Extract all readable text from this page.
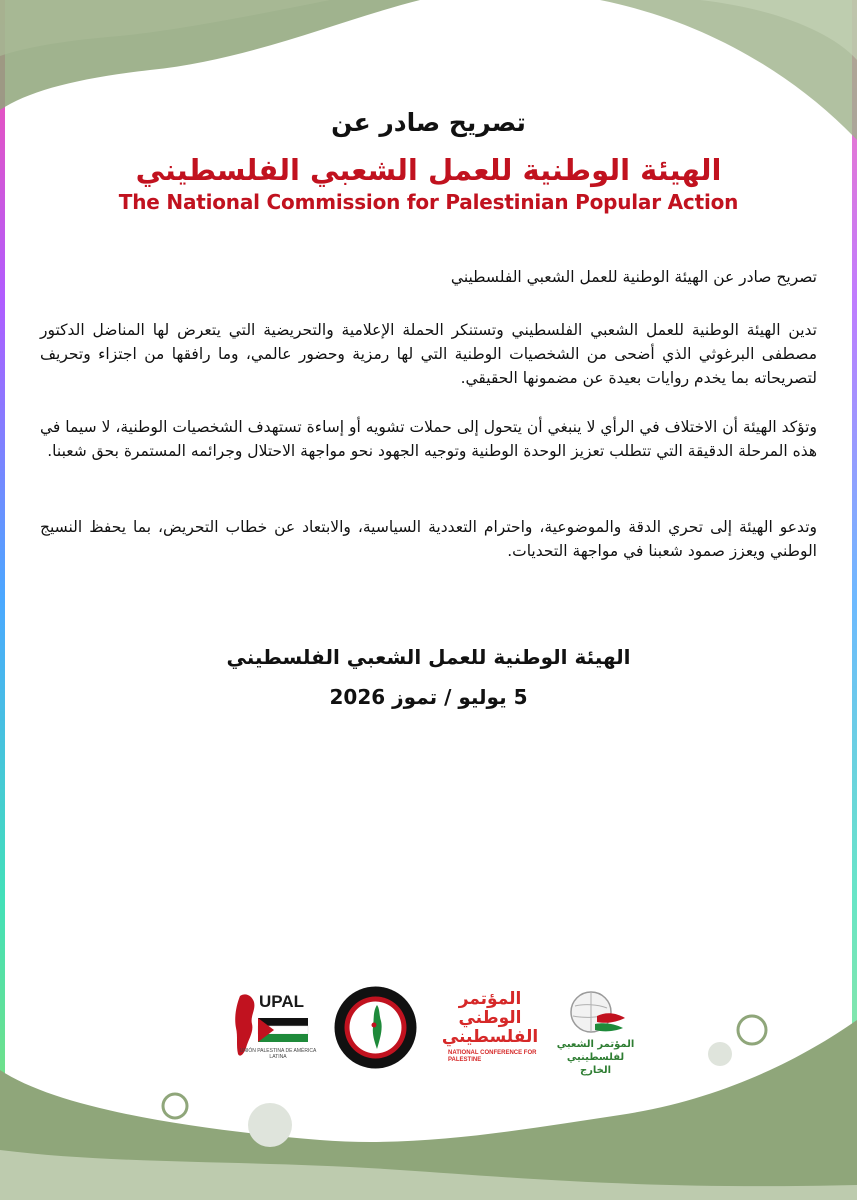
تصريح صادر عن
الهيئة الوطنية للعمل الشعبي الفلسطيني
The National Commission for Palestinian Popular Action
تصريح صادر عن الهيئة الوطنية للعمل الشعبي الفلسطيني
تدين الهيئة الوطنية للعمل الشعبي الفلسطيني وتستنكر الحملة الإعلامية والتحريضية التي يتعرض لها المناضل الدكتور مصطفى البرغوثي الذي أضحى من الشخصيات الوطنية التي لها رمزية وحضور عالمي، وما رافقها من اجتزاء وتحريف لتصريحاته بما يخدم روايات بعيدة عن مضمونها الحقيقي.
وتؤكد الهيئة أن الاختلاف في الرأي لا ينبغي أن يتحول إلى حملات تشويه أو إساءة تستهدف الشخصيات الوطنية، لا سيما في هذه المرحلة الدقيقة التي تتطلب تعزيز الوحدة الوطنية وتوجيه الجهود نحو مواجهة الاحتلال وجرائمه المستمرة بحق شعبنا.
وتدعو الهيئة إلى تحري الدقة والموضوعية، واحترام التعددية السياسية، والابتعاد عن خطاب التحريض، بما يحفظ النسيج الوطني ويعزز صمود شعبنا في مواجهة التحديات.
الهيئة الوطنية للعمل الشعبي الفلسطيني
5 يوليو / تموز 2026
UPAL
UNIÓN PALESTINA DE AMÉRICA LATINA
المؤتمر الوطني الفلسطيني
NATIONAL CONFERENCE FOR PALESTINE
المؤتمر الشعبي لفلسطينيي الخارج
